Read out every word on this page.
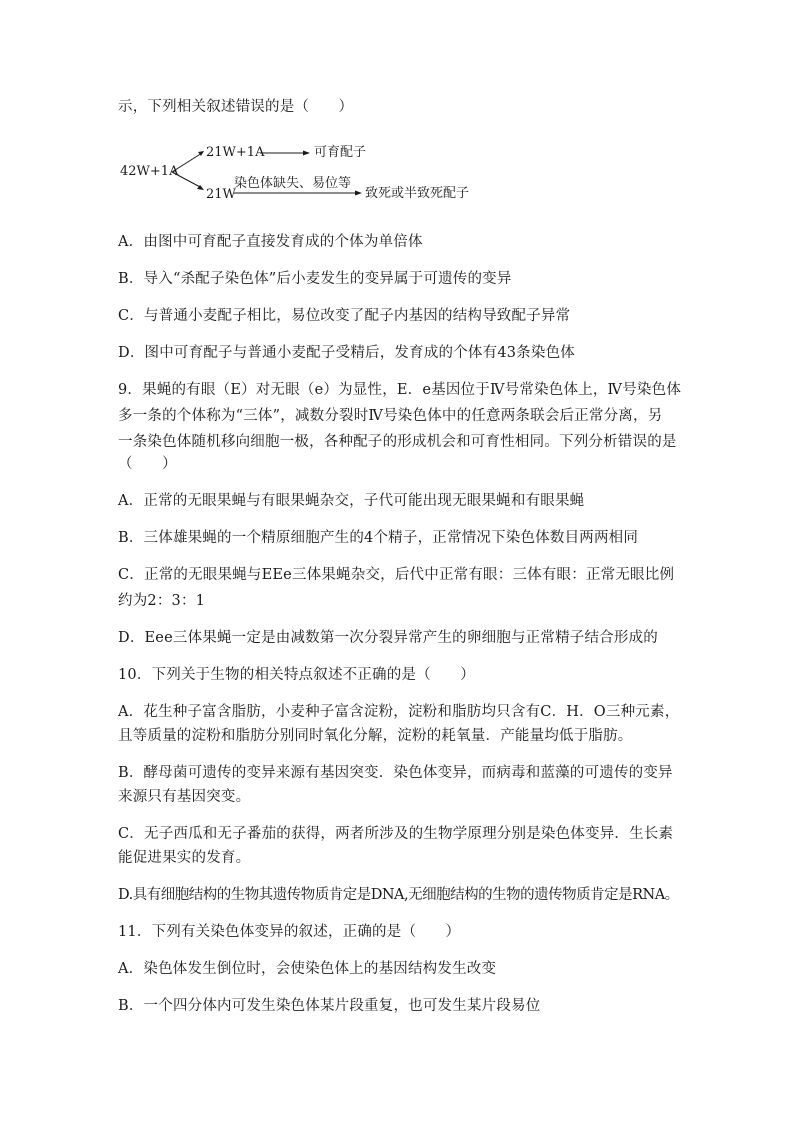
示，下列相关叙述错误的是（　　）

42W+1A
21W+1A	可育配子
21W
染色体缺失、易位等
致死或半致死配子

A．由图中可育配子直接发育成的个体为单倍体

B．导入“杀配子染色体”后小麦发生的变异属于可遗传的变异

C．与普通小麦配子相比，易位改变了配子内基因的结构导致配子异常

D．图中可育配子与普通小麦配子受精后，发育成的个体有43条染色体

9．果蝇的有眼（E）对无眼（e）为显性，E．e基因位于Ⅳ号常染色体上，Ⅳ号染色体

多一条的个体称为“三体”，减数分裂时Ⅳ号染色体中的任意两条联会后正常分离，另

一条染色体随机移向细胞一极，各种配子的形成机会和可育性相同。下列分析错误的是

（　　）

A．正常的无眼果蝇与有眼果蝇杂交，子代可能出现无眼果蝇和有眼果蝇

B．三体雄果蝇的一个精原细胞产生的4个精子，正常情况下染色体数目两两相同

C．正常的无眼果蝇与EEe三体果蝇杂交，后代中正常有眼：三体有眼：正常无眼比例

约为2：3：1

D．Eee三体果蝇一定是由减数第一次分裂异常产生的卵细胞与正常精子结合形成的

10．下列关于生物的相关特点叙述不正确的是（　　）

A．花生种子富含脂肪，小麦种子富含淀粉，淀粉和脂肪均只含有C．H．O三种元素，

且等质量的淀粉和脂肪分别同时氧化分解，淀粉的耗氧量．产能量均低于脂肪。

B．酵母菌可遗传的变异来源有基因突变．染色体变异，而病毒和蓝藻的可遗传的变异

来源只有基因突变。

C．无子西瓜和无子番茄的获得，两者所涉及的生物学原理分别是染色体变异．生长素

能促进果实的发育。

D.具有细胞结构的生物其遗传物质肯定是DNA,无细胞结构的生物的遗传物质肯定是RNA。

11．下列有关染色体变异的叙述，正确的是（　　）

A．染色体发生倒位时，会使染色体上的基因结构发生改变

B．一个四分体内可发生染色体某片段重复，也可发生某片段易位
